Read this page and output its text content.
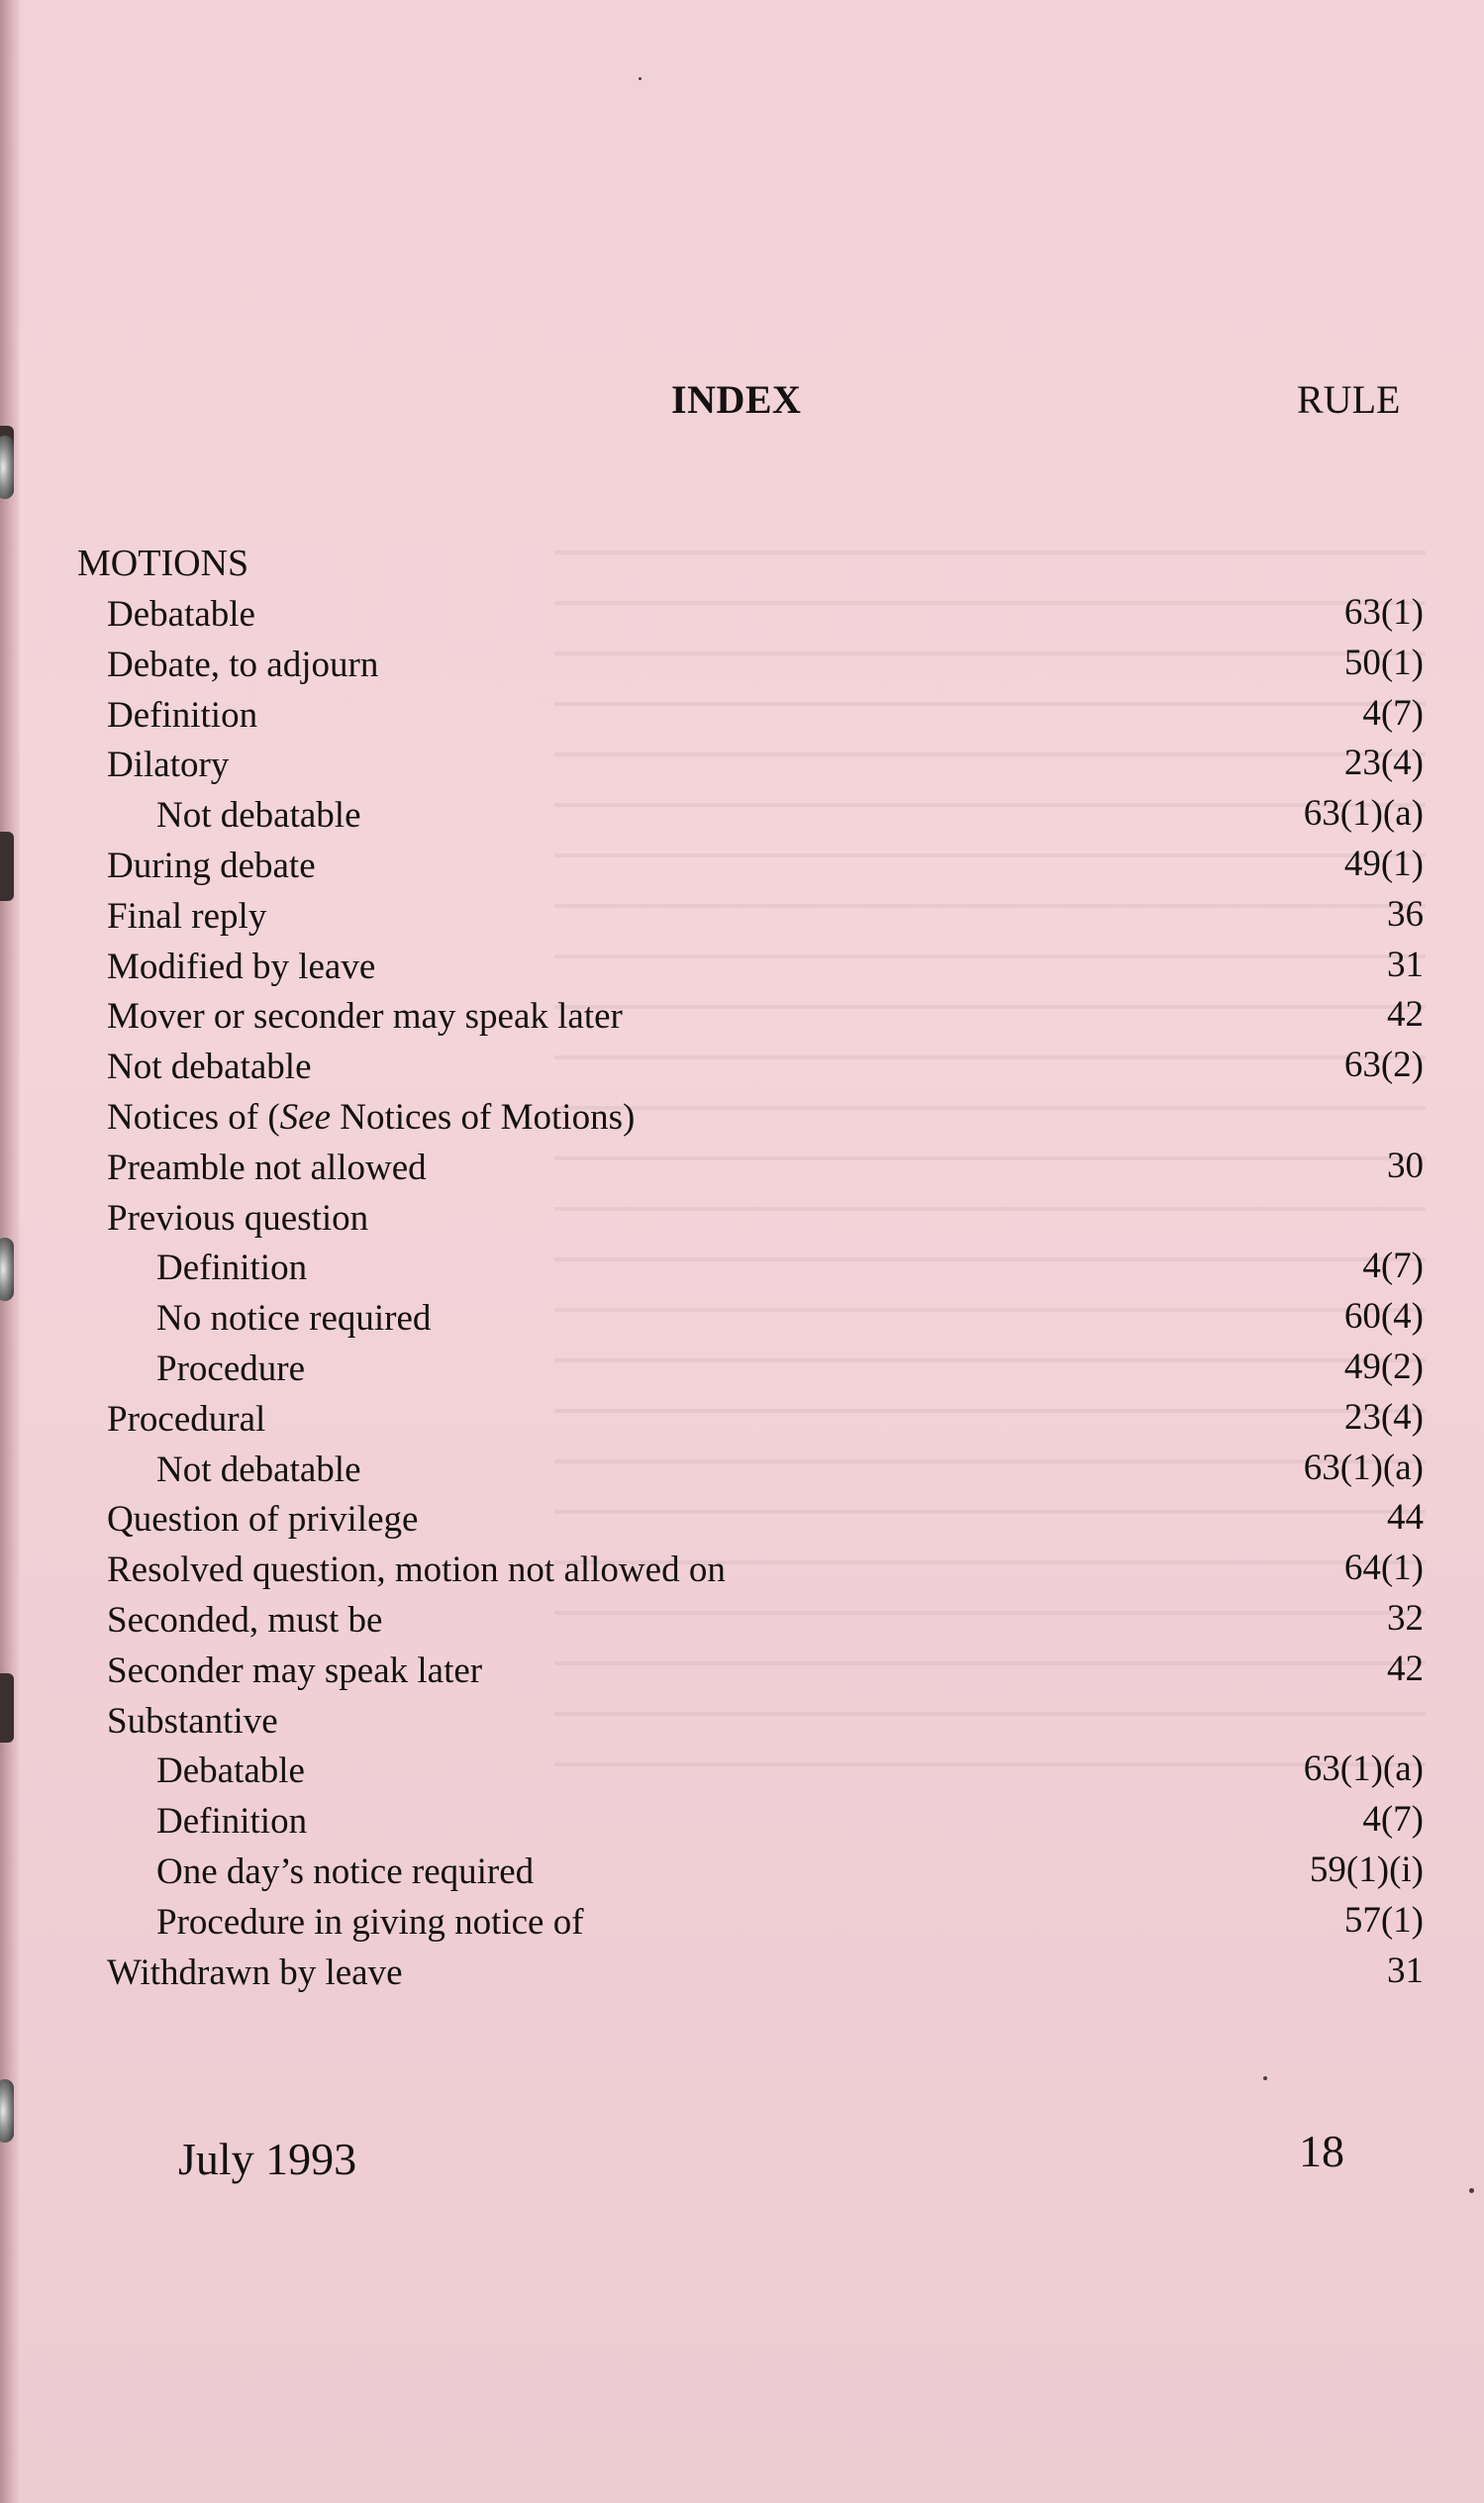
INDEX	RULE
MOTIONS
Debatable	63(1)
Debate, to adjourn	50(1)
Definition	4(7)
Dilatory	23(4)
Not debatable	63(1)(a)
During debate	49(1)
Final reply	36
Modified by leave	31
Mover or seconder may speak later	42
Not debatable	63(2)
Notices of (See Notices of Motions)
Preamble not allowed	30
Previous question
Definition	4(7)
No notice required	60(4)
Procedure	49(2)
Procedural	23(4)
Not debatable	63(1)(a)
Question of privilege	44
Resolved question, motion not allowed on	64(1)
Seconded, must be	32
Seconder may speak later	42
Substantive
Debatable	63(1)(a)
Definition	4(7)
One day’s notice required	59(1)(i)
Procedure in giving notice of	57(1)
Withdrawn by leave	31
July 1993	18
